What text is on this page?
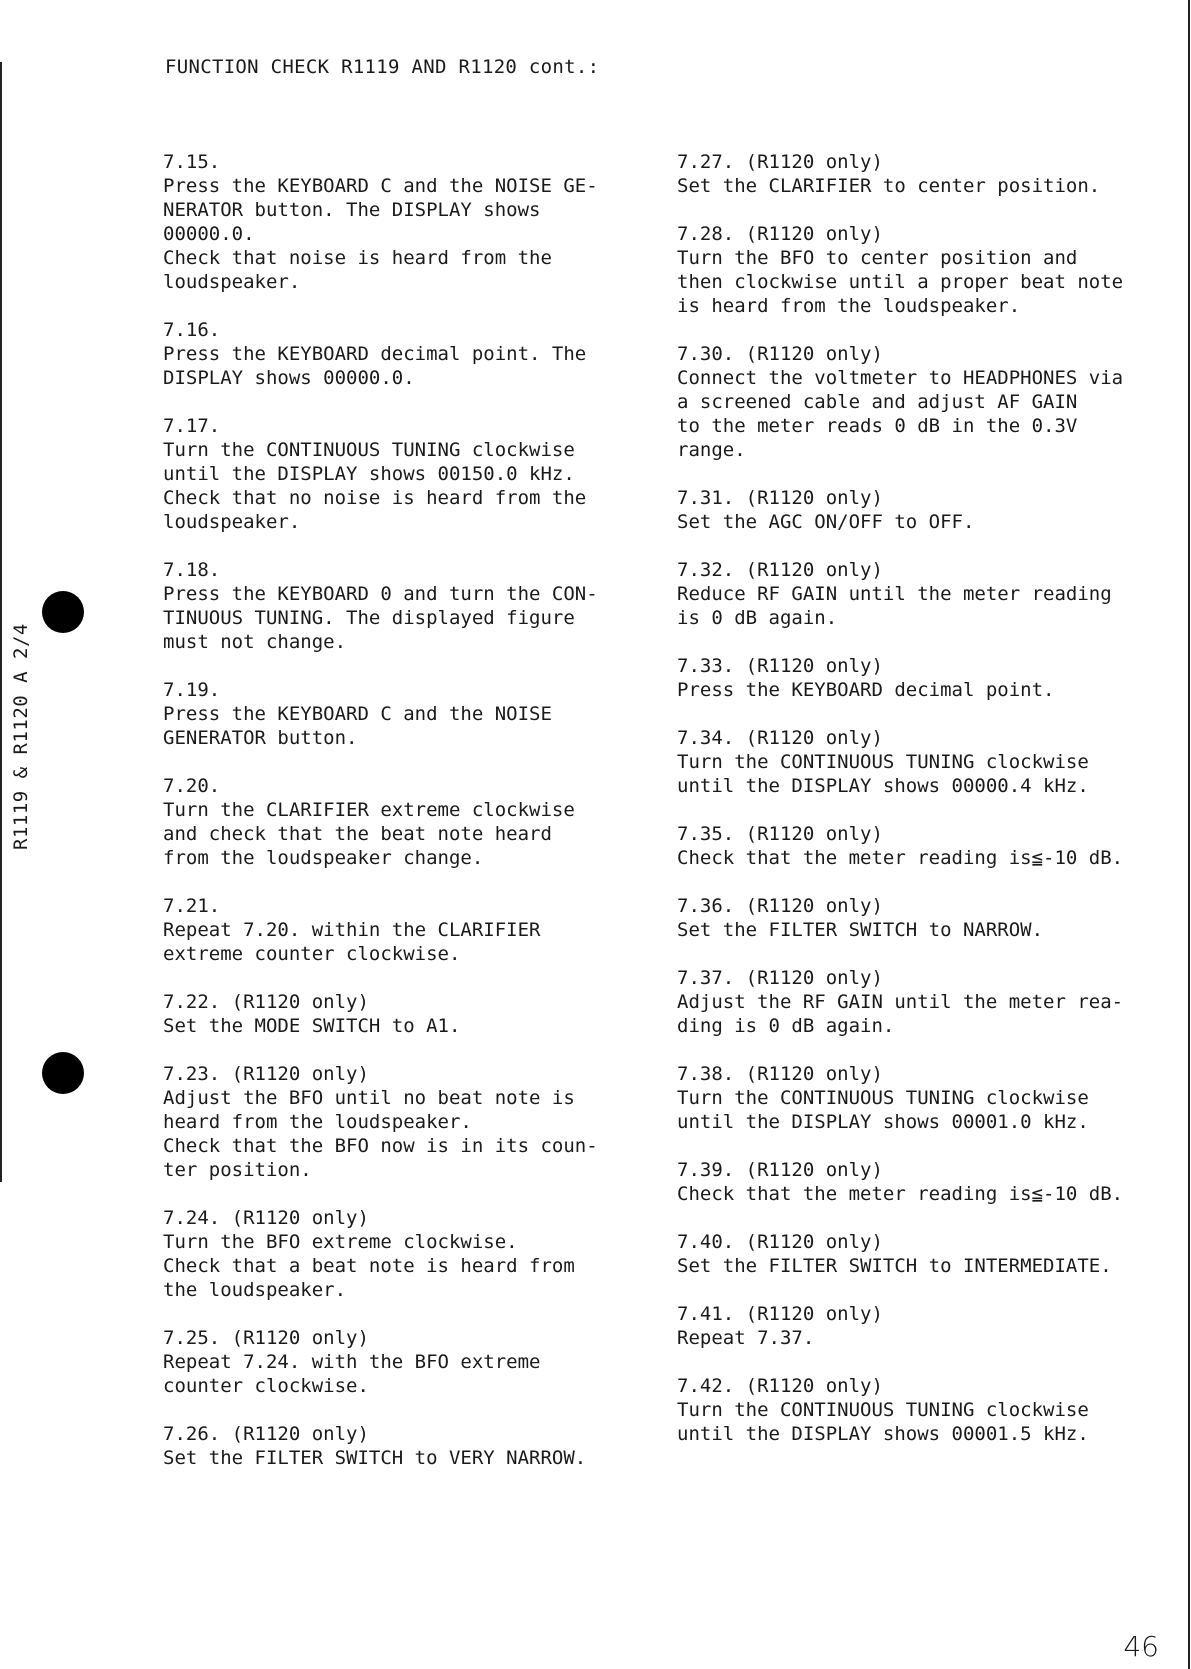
FUNCTION CHECK R1119 AND R1120 cont.:
R1119 & R1120 A 2/4
7.15.
Press the KEYBOARD C and the NOISE GE-
NERATOR button. The DISPLAY shows
00000.0.
Check that noise is heard from the
loudspeaker.
7.16.
Press the KEYBOARD decimal point. The
DISPLAY shows 00000.0.
7.17.
Turn the CONTINUOUS TUNING clockwise
until the DISPLAY shows 00150.0 kHz.
Check that no noise is heard from the
loudspeaker.
7.18.
Press the KEYBOARD 0 and turn the CON-
TINUOUS TUNING. The displayed figure
must not change.
7.19.
Press the KEYBOARD C and the NOISE
GENERATOR button.
7.20.
Turn the CLARIFIER extreme clockwise
and check that the beat note heard
from the loudspeaker change.
7.21.
Repeat 7.20. within the CLARIFIER
extreme counter clockwise.
7.22. (R1120 only)
Set the MODE SWITCH to A1.
7.23. (R1120 only)
Adjust the BFO until no beat note is
heard from the loudspeaker.
Check that the BFO now is in its coun-
ter position.
7.24. (R1120 only)
Turn the BFO extreme clockwise.
Check that a beat note is heard from
the loudspeaker.
7.25. (R1120 only)
Repeat 7.24. with the BFO extreme
counter clockwise.
7.26. (R1120 only)
Set the FILTER SWITCH to VERY NARROW.
7.27. (R1120 only)
Set the CLARIFIER to center position.
7.28. (R1120 only)
Turn the BFO to center position and
then clockwise until a proper beat note
is heard from the loudspeaker.
7.30. (R1120 only)
Connect the voltmeter to HEADPHONES via
a screened cable and adjust AF GAIN
to the meter reads 0 dB in the 0.3V
range.
7.31. (R1120 only)
Set the AGC ON/OFF to OFF.
7.32. (R1120 only)
Reduce RF GAIN until the meter reading
is 0 dB again.
7.33. (R1120 only)
Press the KEYBOARD decimal point.
7.34. (R1120 only)
Turn the CONTINUOUS TUNING clockwise
until the DISPLAY shows 00000.4 kHz.
7.35. (R1120 only)
Check that the meter reading is≦-10 dB.
7.36. (R1120 only)
Set the FILTER SWITCH to NARROW.
7.37. (R1120 only)
Adjust the RF GAIN until the meter rea-
ding is 0 dB again.
7.38. (R1120 only)
Turn the CONTINUOUS TUNING clockwise
until the DISPLAY shows 00001.0 kHz.
7.39. (R1120 only)
Check that the meter reading is≦-10 dB.
7.40. (R1120 only)
Set the FILTER SWITCH to INTERMEDIATE.
7.41. (R1120 only)
Repeat 7.37.
7.42. (R1120 only)
Turn the CONTINUOUS TUNING clockwise
until the DISPLAY shows 00001.5 kHz.
46
